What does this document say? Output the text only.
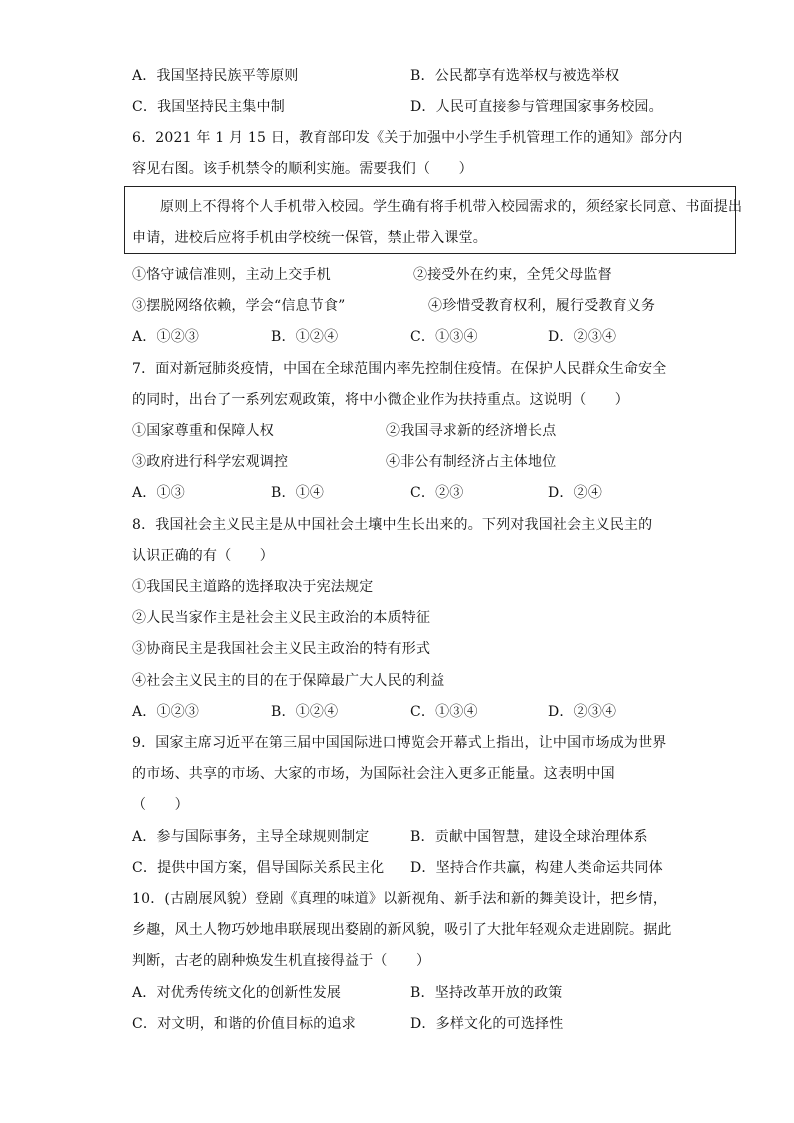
A．我国坚持民族平等原则	B．公民都享有选举权与被选举权
C．我国坚持民主集中制	D．人民可直接参与管理国家事务校园。
6．2021 年 1 月 15 日，教育部印发《关于加强中小学生手机管理工作的通知》部分内
容见右图。该手机禁令的顺利实施。需要我们（　　）
原则上不得将个人手机带入校园。学生确有将手机带入校园需求的，须经家长同意、书面提出
申请，进校后应将手机由学校统一保管，禁止带入课堂。
①恪守诚信准则，主动上交手机	②接受外在约束，全凭父母监督
③摆脱网络依赖，学会“信息节食”	④珍惜受教育权利，履行受教育义务
A．①②③	B．①②④	C．①③④	D．②③④
7．面对新冠肺炎疫情，中国在全球范围内率先控制住疫情。在保护人民群众生命安全
的同时，出台了一系列宏观政策，将中小微企业作为扶持重点。这说明（　　）
①国家尊重和保障人权	②我国寻求新的经济增长点
③政府进行科学宏观调控	④非公有制经济占主体地位
A．①③	B．①④	C．②③	D．②④
8．我国社会主义民主是从中国社会土壤中生长出来的。下列对我国社会主义民主的
认识正确的有（　　）
①我国民主道路的选择取决于宪法规定
②人民当家作主是社会主义民主政治的本质特征
③协商民主是我国社会主义民主政治的特有形式
④社会主义民主的目的在于保障最广大人民的利益
A．①②③	B．①②④	C．①③④	D．②③④
9．国家主席习近平在第三届中国国际进口博览会开幕式上指出，让中国市场成为世界
的市场、共享的市场、大家的市场，为国际社会注入更多正能量。这表明中国
（　　）
A．参与国际事务，主导全球规则制定	B．贡献中国智慧，建设全球治理体系
C．提供中国方案，倡导国际关系民主化 D．坚持合作共赢，构建人类命运共同体
10．(古剧展风貌）登剧《真理的味道》以新视角、新手法和新的舞美设计，把乡情，
乡趣，风土人物巧妙地串联展现出婺剧的新风貌，吸引了大批年轻观众走进剧院。据此
判断，古老的剧种焕发生机直接得益于（　　）
A．对优秀传统文化的创新性发展	B．坚持改革开放的政策
C．对文明，和谐的价值目标的追求	D．多样文化的可选择性
